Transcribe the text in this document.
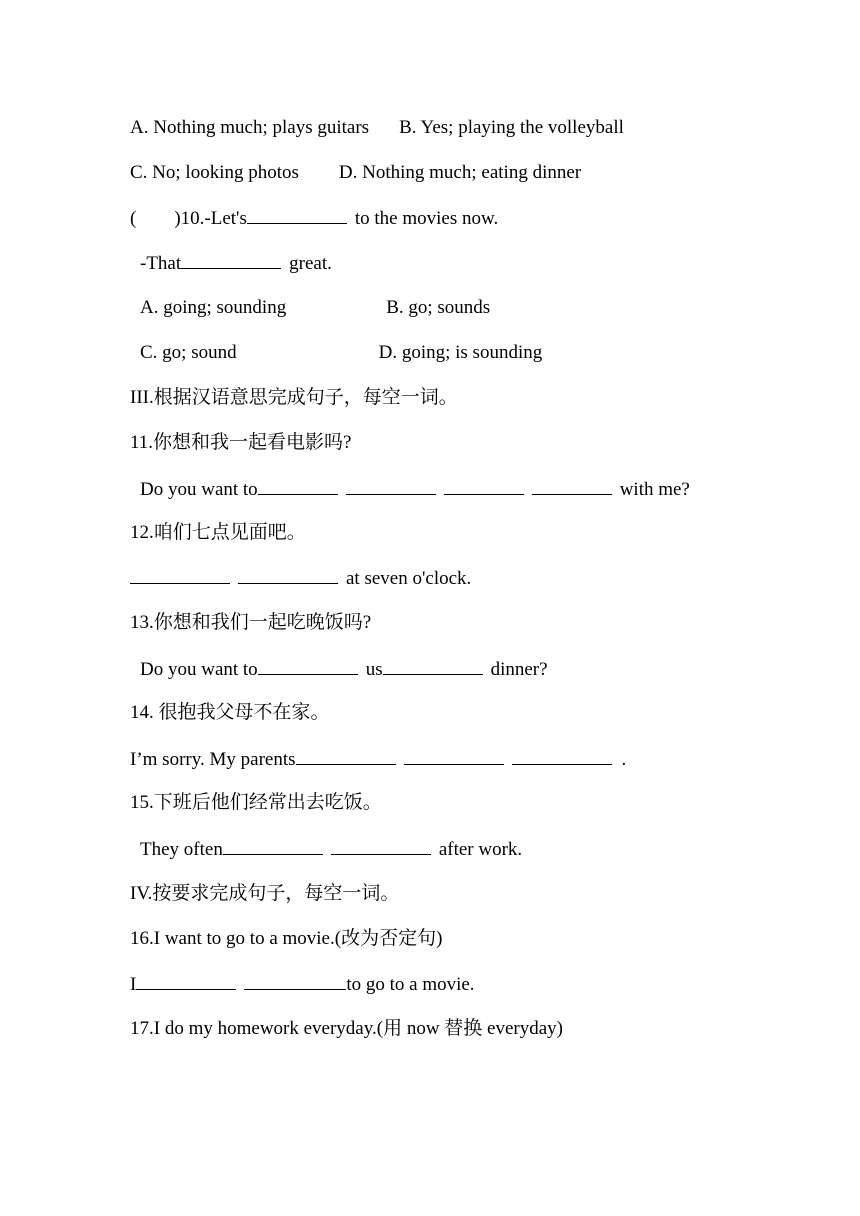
A. Nothing much; plays guitars B. Yes; playing the volleyball
C. No; looking photos D. Nothing much; eating dinner
(        )10.-Let's	to the movies now.
-That	great.
A. going; sounding	B. go; sounds
C. go; sound	D. going; is sounding
III.根据汉语意思完成句子，每空一词。
11.你想和我一起看电影吗?
Do you want to	with me?
12.咱们七点见面吧。
at seven o'clock.
13.你想和我们一起吃晚饭吗?
Do you want to	us	dinner?
14. 很抱我父母不在家。
I’m sorry. My parents	.
15.下班后他们经常出去吃饭。
They often	after work.
IV.按要求完成句子，每空一词。
16.I want to go to a movie.(改为否定句)
I	to go to a movie.
17.I do my homework everyday.(用 now 替换 everyday)
